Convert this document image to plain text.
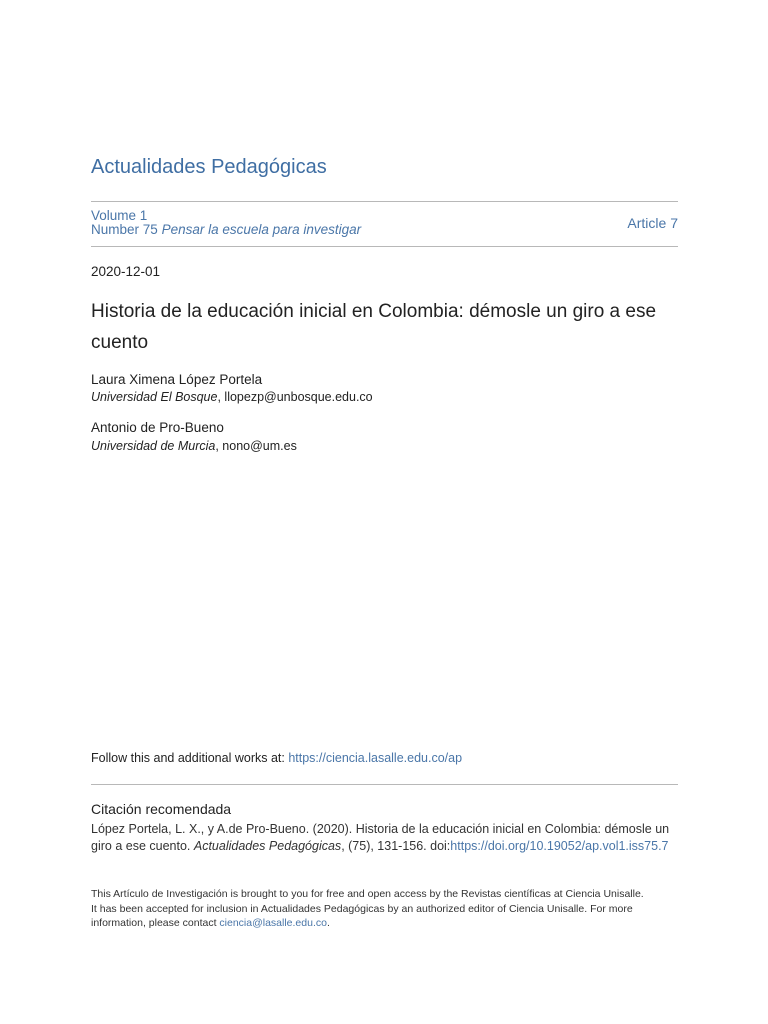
Actualidades Pedagógicas
Volume 1
Number 75 Pensar la escuela para investigar	Article 7
2020-12-01
Historia de la educación inicial en Colombia: démosle un giro a ese cuento
Laura Ximena López Portela
Universidad El Bosque, llopezp@unbosque.edu.co
Antonio de Pro-Bueno
Universidad de Murcia, nono@um.es
Follow this and additional works at: https://ciencia.lasalle.edu.co/ap
Citación recomendada
López Portela, L. X., y A.de Pro-Bueno. (2020). Historia de la educación inicial en Colombia: démosle un giro a ese cuento. Actualidades Pedagógicas, (75), 131-156. doi:https://doi.org/10.19052/ap.vol1.iss75.7
This Artículo de Investigación is brought to you for free and open access by the Revistas científicas at Ciencia Unisalle. It has been accepted for inclusion in Actualidades Pedagógicas by an authorized editor of Ciencia Unisalle. For more information, please contact ciencia@lasalle.edu.co.
